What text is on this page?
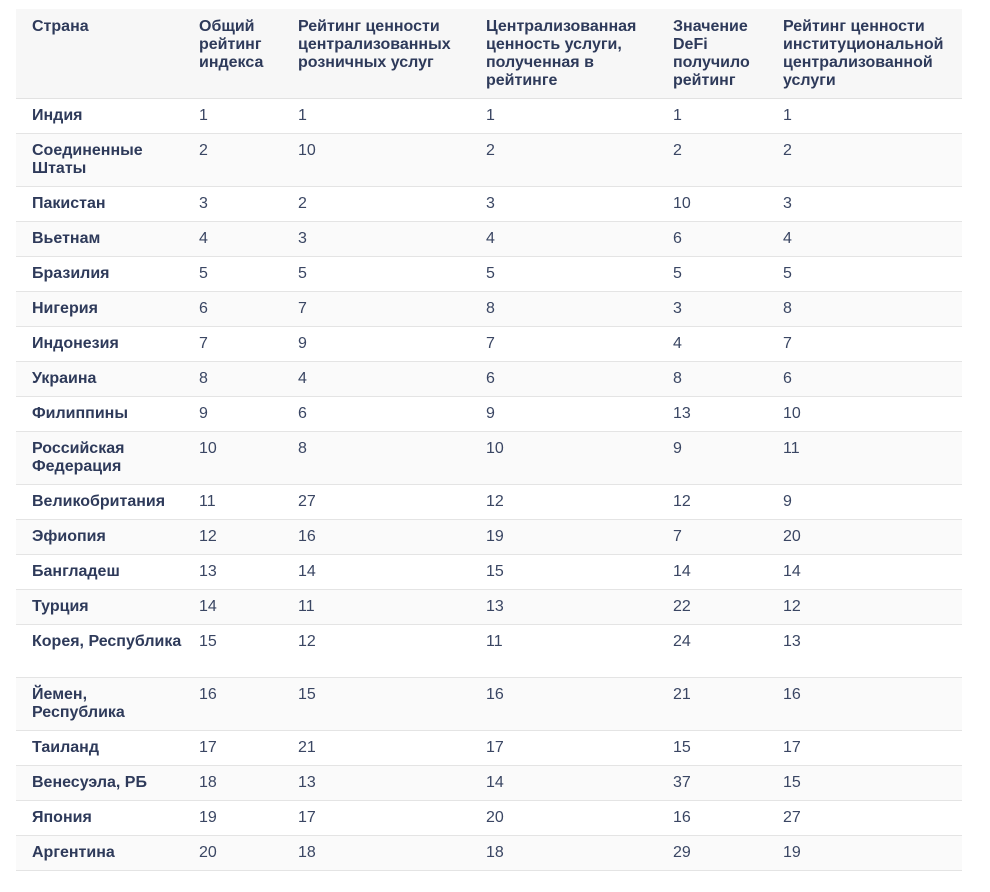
Страна	Общий рейтинг индекса	Рейтинг ценности централизованных розничных услуг	Централизованная ценность услуги, полученная в рейтинге	Значение DeFi получило рейтинг	Рейтинг ценности институциональной централизованной услуги
Индия	1	1	1	1	1
Соединенные Штаты	2	10	2	2	2
Пакистан	3	2	3	10	3
Вьетнам	4	3	4	6	4
Бразилия	5	5	5	5	5
Нигерия	6	7	8	3	8
Индонезия	7	9	7	4	7
Украина	8	4	6	8	6
Филиппины	9	6	9	13	10
Российская Федерация	10	8	10	9	11
Великобритания	11	27	12	12	9
Эфиопия	12	16	19	7	20
Бангладеш	13	14	15	14	14
Турция	14	11	13	22	12
Корея, Республика	15	12	11	24	13
Йемен, Республика	16	15	16	21	16
Таиланд	17	21	17	15	17
Венесуэла, РБ	18	13	14	37	15
Япония	19	17	20	16	27
Аргентина	20	18	18	29	19
